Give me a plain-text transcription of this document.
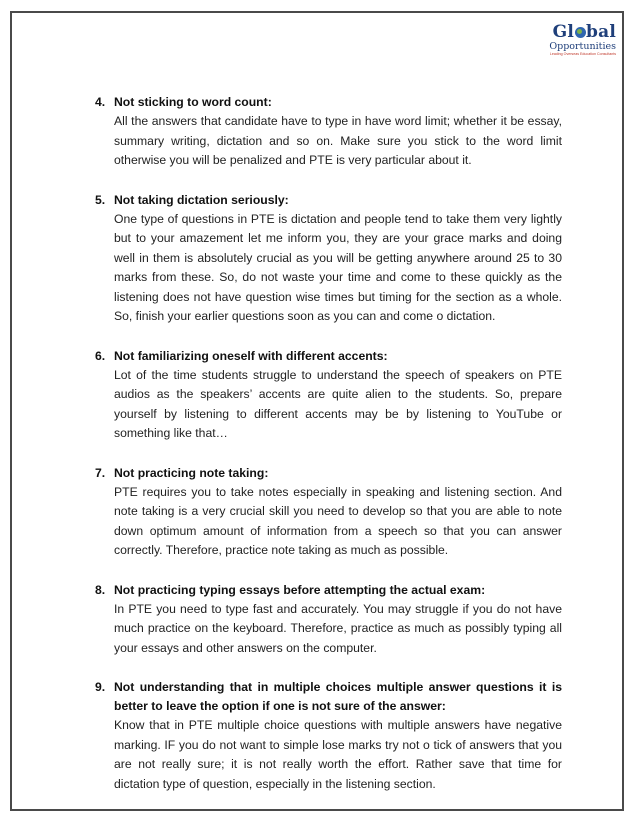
Gl bal
Opportunities
Leading Overseas Education Consultants
4. Not sticking to word count:

All the answers that candidate have to type in have word limit; whether it be essay, summary writing, dictation and so on. Make sure you stick to the word limit otherwise you will be penalized and PTE is very particular about it.

5. Not taking dictation seriously:

One type of questions in PTE is dictation and people tend to take them very lightly but to your amazement let me inform you, they are your grace marks and doing well in them is absolutely crucial as you will be getting anywhere around 25 to 30 marks from these. So, do not waste your time and come to these quickly as the listening does not have question wise times but timing for the section as a whole. So, finish your earlier questions soon as you can and come o dictation.

6. Not familiarizing oneself with different accents:

Lot of the time students struggle to understand the speech of speakers on PTE audios as the speakers’ accents are quite alien to the students. So, prepare yourself by listening to different accents may be by listening to YouTube or something like that…

7. Not practicing note taking:

PTE requires you to take notes especially in speaking and listening section. And note taking is a very crucial skill you need to develop so that you are able to note down optimum amount of information from a speech so that you can answer correctly. Therefore, practice note taking as much as possible.

8. Not practicing typing essays before attempting the actual exam:

In PTE you need to type fast and accurately. You may struggle if you do not have much practice on the keyboard. Therefore, practice as much as possibly typing all your essays and other answers on the computer.

9. Not understanding that in multiple choices multiple answer questions it is better to leave the option if one is not sure of the answer:

Know that in PTE multiple choice questions with multiple answers have negative marking. IF you do not want to simple lose marks try not o tick of answers that you are not really sure; it is not really worth the effort. Rather save that time for dictation type of question, especially in the listening section.
